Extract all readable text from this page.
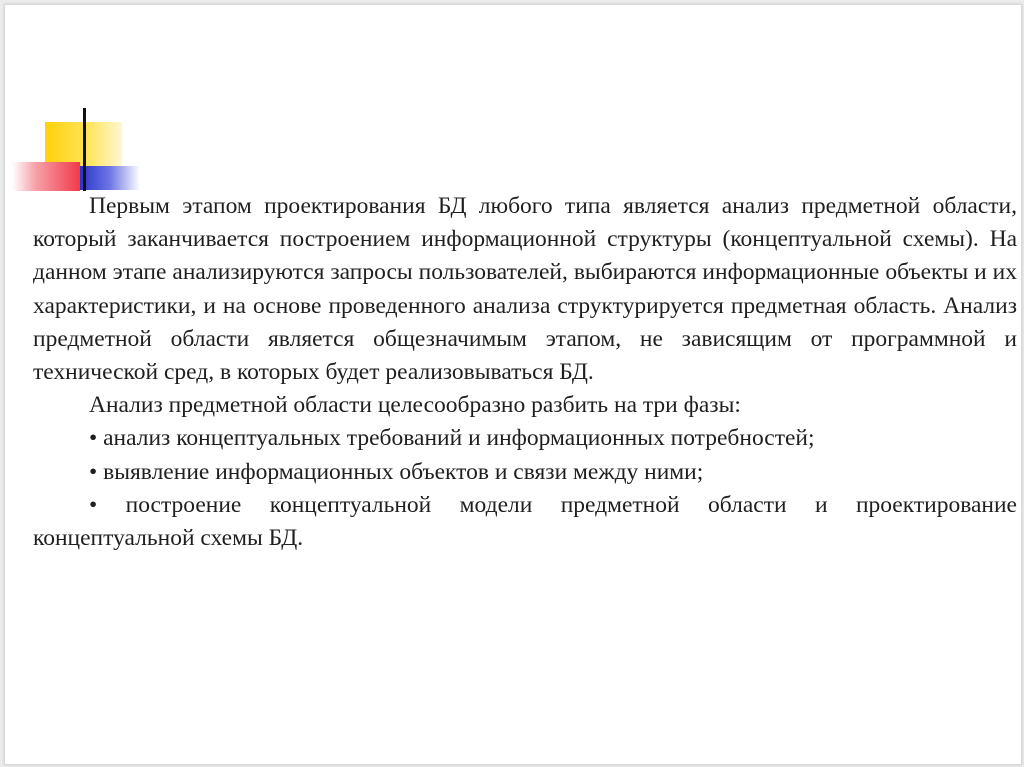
Первым этапом проектирования БД любого типа является анализ предметной области, который заканчивается построением информационной структуры (концептуальной схемы). На данном этапе анализируются запросы пользователей, выбираются информационные объекты и их характеристики, и на основе проведенного анализа структурируется предметная область. Анализ предметной области является общезначимым этапом, не зависящим от программной и технической сред, в которых будет реализовываться БД.

Анализ предметной области целесообразно разбить на три фазы:

• анализ концептуальных требований и информационных потребностей;

• выявление информационных объектов и связи между ними;

• построение концептуальной модели предметной области и проектирование концептуальной схемы БД.
